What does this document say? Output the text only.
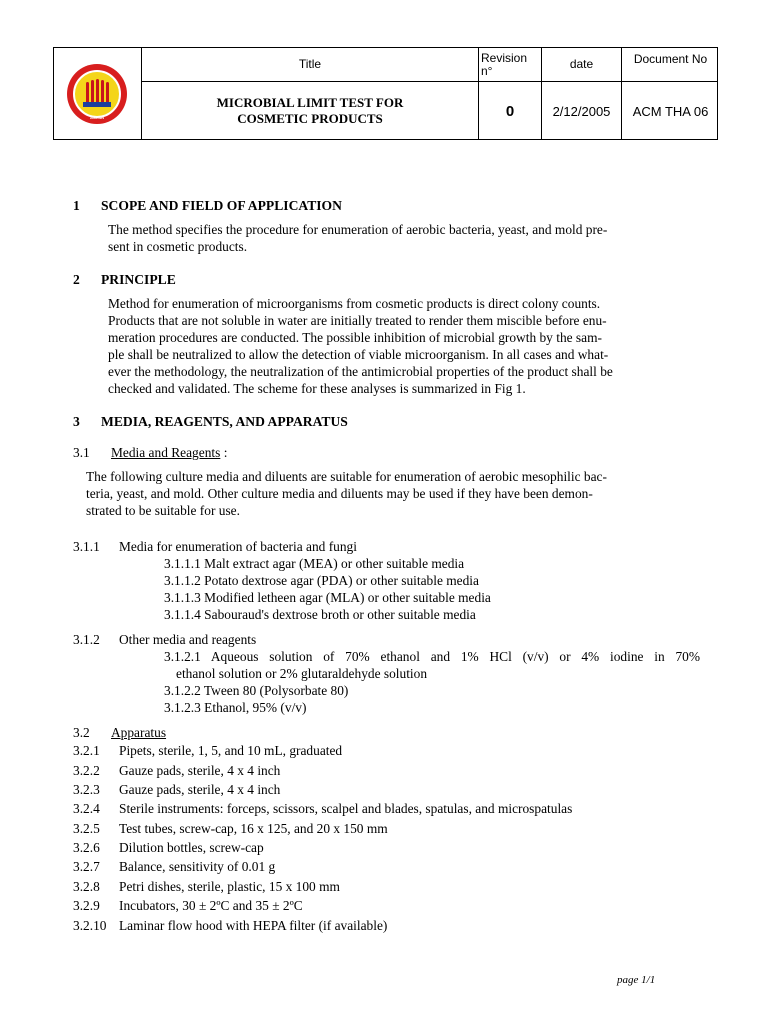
ASEAN
Title	Revision n°	date	Document No
MICROBIAL LIMIT TEST FOR COSMETIC PRODUCTS	0	2/12/2005	ACM THA 06
1 SCOPE AND FIELD OF APPLICATION

The method specifies the procedure for enumeration of aerobic bacteria, yeast, and mold pre-

sent in cosmetic products.

2 PRINCIPLE

Method for enumeration of microorganisms from cosmetic products is direct colony counts.

Products that are not soluble in water are initially treated to render them miscible before enu-

meration procedures are conducted. The possible inhibition of microbial growth by the sam-

ple shall be neutralized to allow the detection of viable microorganism. In all cases and what-

ever the methodology, the neutralization of the antimicrobial properties of the product shall be

checked and validated. The scheme for these analyses is summarized in Fig 1.

3 MEDIA, REAGENTS, AND APPARATUS
3.1 Media and Reagents :

The following culture media and diluents are suitable for enumeration of aerobic mesophilic bac-

teria, yeast, and mold. Other culture media and diluents may be used if they have been demon-

strated to be suitable for use.

3.1.1 Media for enumeration of bacteria and fungi
3.1.1.1 Malt extract agar (MEA) or other suitable media
3.1.1.2 Potato dextrose agar (PDA) or other suitable media
3.1.1.3 Modified letheen agar (MLA) or other suitable media
3.1.1.4 Sabouraud's dextrose broth or other suitable media
3.1.2 Other media and reagents
3.1.2.1 Aqueous solution of 70% ethanol and 1% HCl (v/v) or 4% iodine in 70%
ethanol solution or 2% glutaraldehyde solution
3.1.2.2 Tween 80 (Polysorbate 80)
3.1.2.3 Ethanol, 95% (v/v)
3.2 Apparatus
3.2.1 Pipets, sterile, 1, 5, and 10 mL, graduated
3.2.2 Gauze pads, sterile, 4 x 4 inch
3.2.3 Gauze pads, sterile, 4 x 4 inch
3.2.4 Sterile instruments: forceps, scissors, scalpel and blades, spatulas, and microspatulas
3.2.5 Test tubes, screw-cap, 16 x 125, and 20 x 150 mm
3.2.6 Dilution bottles, screw-cap
3.2.7 Balance, sensitivity of 0.01 g
3.2.8 Petri dishes, sterile, plastic, 15 x 100 mm
3.2.9 Incubators, 30 ± 2ºC and 35 ± 2ºC
3.2.10 Laminar flow hood with HEPA filter (if available)
page 1/1
